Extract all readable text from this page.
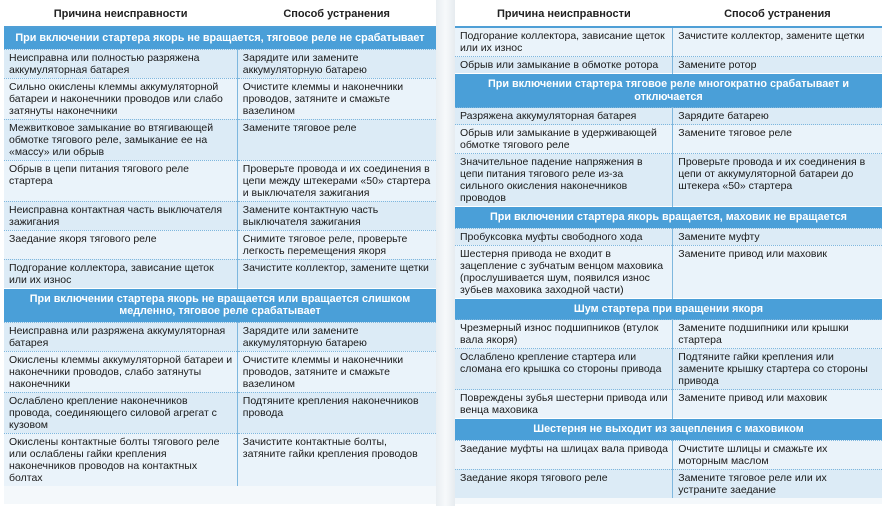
Причина неисправности	Способ устранения
При включении стартера якорь не вращается, тяговое реле не срабатывает	
Неисправна или полностью разряжена аккумуляторная батарея	Зарядите или замените аккумуляторную батарею
Сильно окислены клеммы аккумуляторной батареи и наконечники проводов или слабо затянуты наконечники	Очистите клеммы и наконечники проводов, затяните и смажьте вазелином
Межвитковое замыкание во втягивающей обмотке тягового реле, замыкание ее на «массу» или обрыв	Замените тяговое реле
Обрыв в цепи питания тягового реле стартера	Проверьте провода и их соединения в цепи между штекерами «50» стартера и выключателя зажигания
Неисправна контактная часть выключателя зажигания	Замените контактную часть выключателя зажигания
Заедание якоря тягового реле	Снимите тяговое реле, проверьте легкость перемещения якоря
Подгорание коллектора, зависание щеток или их износ	Зачистите коллектор, замените щетки
При включении стартера якорь не вращается или вращается слишком медленно, тяговое реле срабатывает	
Неисправна или разряжена аккумуляторная батарея	Зарядите или замените аккумуляторную батарею
Окислены клеммы аккумуляторной батареи и наконечники проводов, слабо затянуты наконечники	Очистите клеммы и наконечники проводов, затяните и смажьте вазелином
Ослаблено крепление наконечников провода, соединяющего силовой агрегат с кузовом	Подтяните крепления наконечников провода
Окислены контактные болты тягового реле или ослаблены гайки крепления наконечников проводов на контактных болтах	Зачистите контактные болты, затяните гайки крепления проводов
Причина неисправности	Способ устранения
Подгорание коллектора, зависание щеток или их износ	Зачистите коллектор, замените щетки
Обрыв или замыкание в обмотке ротора	Замените ротор
При включении стартера тяговое реле многократно срабатывает и отключается	
Разряжена аккумуляторная батарея	Зарядите батарею
Обрыв или замыкание в удерживающей обмотке тягового реле	Замените тяговое реле
Значительное падение напряжения в цепи питания тягового реле из-за сильного окисления наконечников проводов	Проверьте провода и их соединения в цепи от аккумуляторной батареи до штекера «50» стартера
При включении стартера якорь вращается, маховик не вращается	
Пробуксовка муфты свободного хода	Замените муфту
Шестерня привода не входит в зацепление с зубчатым венцом маховика (прослушивается шум, появился износ зубьев маховика заходной части)	Замените привод или маховик
Шум стартера при вращении якоря	
Чрезмерный износ подшипников (втулок вала якоря)	Замените подшипники или крышки стартера
Ослаблено крепление стартера или сломана его крышка со стороны привода	Подтяните гайки крепления или замените крышку стартера со стороны привода
Повреждены зубья шестерни привода или венца маховика	Замените привод или маховик
Шестерня не выходит из зацепления с маховиком	
Заедание муфты на шлицах вала привода	Очистите шлицы и смажьте их моторным маслом
Заедание якоря тягового реле	Замените тяговое реле или их устраните заедание
